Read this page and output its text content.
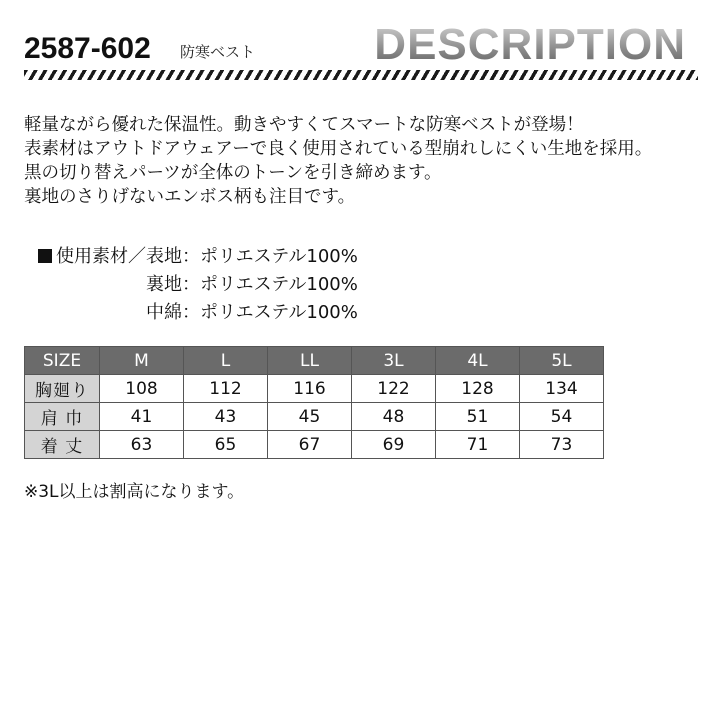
2587-602 防寒ベスト	DESCRIPTION

軽量ながら優れた保温性。動きやすくてスマートな防寒ベストが登場！

表素材はアウトドアウェアーで良く使用されている型崩れしにくい生地を採用。

黒の切り替えパーツが全体のトーンを引き締めます。

裏地のさりげないエンボス柄も注目です。

使用素材／表地： ポリエステル100%
裏地： ポリエステル100%
中綿： ポリエステル100%
SIZE	M	L	LL	3L	4L	5L
胸廻り	108	112	116	122	128	134
肩 巾	41	43	45	48	51	54
着 丈	63	65	67	69	71	73
※3L以上は割高になります。
